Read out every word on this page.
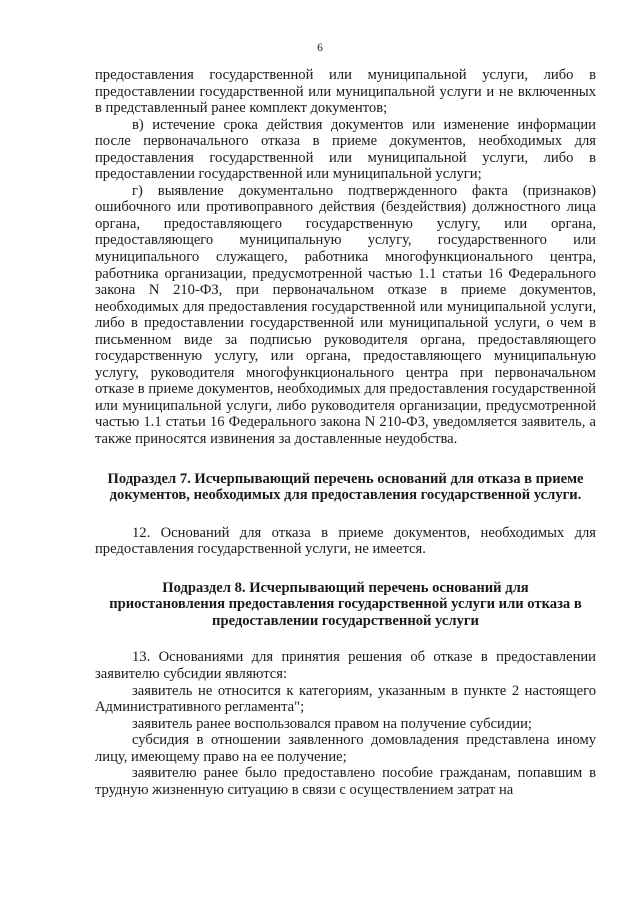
6

предоставления государственной или муниципальной услуги, либо в предоставлении государственной или муниципальной услуги и не включенных в представленный ранее комплект документов;

в) истечение срока действия документов или изменение информации после первоначального отказа в приеме документов, необходимых для предоставления государственной или муниципальной услуги, либо в предоставлении государственной или муниципальной услуги;

г) выявление документально подтвержденного факта (признаков) ошибочного или противоправного действия (бездействия) должностного лица органа, предоставляющего государственную услугу, или органа, предоставляющего муниципальную услугу, государственного или муниципального служащего, работника многофункционального центра, работника организации, предусмотренной частью 1.1 статьи 16 Федерального закона N 210-ФЗ, при первоначальном отказе в приеме документов, необходимых для предоставления государственной или муниципальной услуги, либо в предоставлении государственной или муниципальной услуги, о чем в письменном виде за подписью руководителя органа, предоставляющего государственную услугу, или органа, предоставляющего муниципальную услугу, руководителя многофункционального центра при первоначальном отказе в приеме документов, необходимых для предоставления государственной или муниципальной услуги, либо руководителя организации, предусмотренной частью 1.1 статьи 16 Федерального закона N 210-ФЗ, уведомляется заявитель, а также приносятся извинения за доставленные неудобства.

Подраздел 7. Исчерпывающий перечень оснований для отказа в приеме документов, необходимых для предоставления государственной услуги.

12. Оснований для отказа в приеме документов, необходимых для предоставления государственной услуги, не имеется.

Подраздел 8. Исчерпывающий перечень оснований для приостановления предоставления государственной услуги или отказа в предоставлении государственной услуги

13. Основаниями для принятия решения об отказе в предоставлении заявителю субсидии являются:

заявитель не относится к категориям, указанным в пункте 2 настоящего Административного регламента";

заявитель ранее воспользовался правом на получение субсидии;

субсидия в отношении заявленного домовладения представлена иному лицу, имеющему право на ее получение;

заявителю ранее было предоставлено пособие гражданам, попавшим в трудную жизненную ситуацию в связи с осуществлением затрат на
